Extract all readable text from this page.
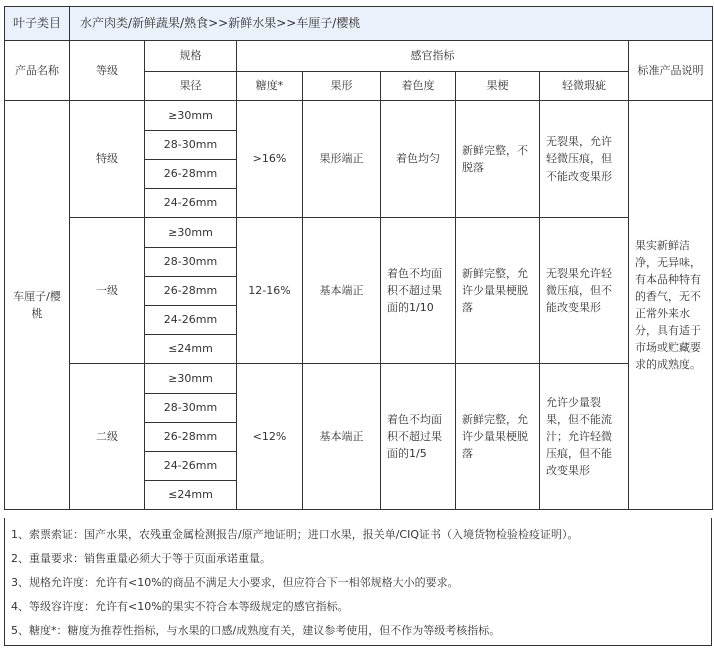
叶子类目	水产肉类/新鲜蔬果/熟食>>新鲜水果>>车厘子/樱桃							
产品名称	等级	规格	感官指标					标准产品说明
		果径	糖度*	果形	着色度	果梗	轻微瑕疵	
车厘子/樱桃	特级	≥30mm	>16%	果形端正	着色均匀	新鲜完整，不脱落	无裂果，允许轻微压痕，但不能改变果形	果实新鲜洁净，无异味，有本品种特有的香气，无不正常外来水分，具有适于市场或贮藏要求的成熟度。
		28-30mm						
		26-28mm						
		24-26mm						
	一级	≥30mm	12-16%	基本端正	着色不均面积不超过果面的1/10	新鲜完整，允许少量果梗脱落	无裂果允许轻微压痕，但不能改变果形	
		28-30mm						
		26-28mm						
		24-26mm						
		≤24mm						
	二级	≥30mm	<12%	基本端正	着色不均面积不超过果面的1/5	新鲜完整，允许少量果梗脱落	允许少量裂果，但不能流汁；允许轻微压痕，但不能改变果形	
		28-30mm						
		26-28mm						
		24-26mm						
		≤24mm						
1、索票索证：国产水果，农残重金属检测报告/原产地证明；进口水果，报关单/CIQ证书（入境货物检验检疫证明）。
2、重量要求：销售重量必须大于等于页面承诺重量。
3、规格允许度：允许有<10%的商品不满足大小要求，但应符合下一相邻规格大小的要求。
4、等级容许度：允许有<10%的果实不符合本等级规定的感官指标。
5、糖度*：糖度为推荐性指标，与水果的口感/成熟度有关，建议参考使用，但不作为等级考核指标。
